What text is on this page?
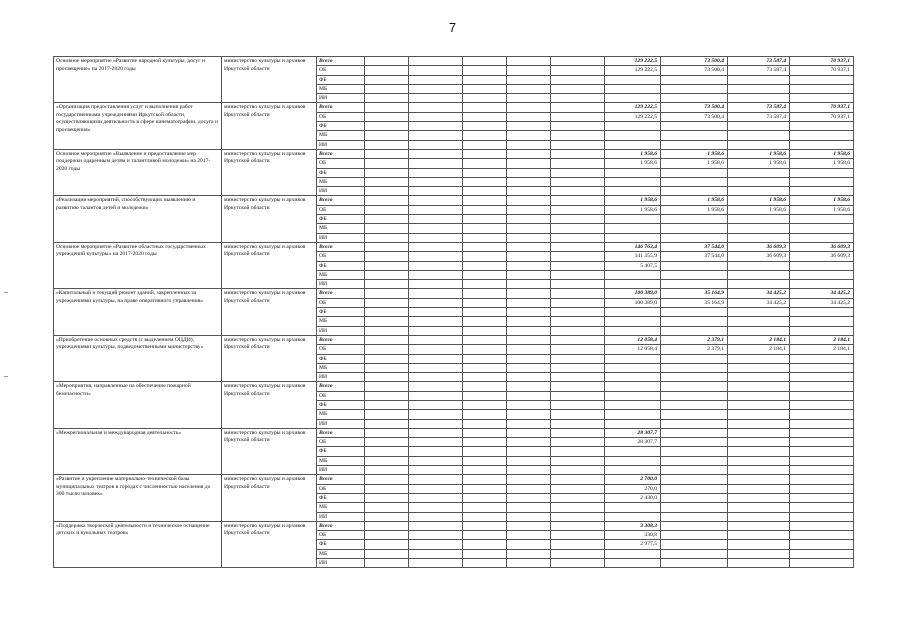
7
Основное мероприятие «Развитие народной культуры, досуг и просвещение» на 2017-2020 годы	министерство культуры и архивов Иркутской области	Всего						129 222,5	73 500,4	73 587,4	70 937,1
		ОБ						129 222,5	73 500,4	73 587,4	70 937,1
		ФБ									
		МБ									
		ИИ									
«Организация предоставления услуг и выполнения работ государственными учреждениями Иркутской области, осуществляющими деятельность в сфере кинематографии, досуга и просвещения»	министерство культуры и архивов Иркутской области	Всего						129 222,5	73 500,4	73 587,4	70 937,1
		ОБ						129 222,5	73 500,4	73 587,4	70 937,1
		ФБ									
		МБ									
		ИИ									
Основное мероприятие «Выявление и предоставление мер поддержки одаренным детям и талантливой молодежи» на 2017-2020 годы	министерство культуры и архивов Иркутской области	Всего						1 958,6	1 958,6	1 958,6	1 958,6
		ОБ						1 958,6	1 958,6	1 958,6	1 958,6
		ФБ									
		МБ									
		ИИ									
«Реализация мероприятий, способствующих выявлению и развитию талантов детей и молодежи»	министерство культуры и архивов Иркутской области	Всего						1 958,6	1 958,6	1 958,6	1 958,6
		ОБ						1 958,6	1 958,6	1 958,6	1 958,6
		ФБ									
		МБ									
		ИИ									
Основное мероприятие «Развитие областных государственных учреждений культуры» на 2017-2020 годы	министерство культуры и архивов Иркутской области	Всего						146 763,4	37 544,0	36 609,3	36 609,3
		ОБ						141 355,9	37 544,0	36 609,3	36 609,3
		ФБ						5 407,5			
		МБ									
		ИИ									
«Капитальный и текущий ремонт зданий, закрепленных за учреждениями культуры, на праве оперативного управления»	министерство культуры и архивов Иркутской области	Всего						100 389,0	35 164,9	34 425,2	34 425,2
		ОБ						100 389,0	35 164,9	34 425,2	34 425,2
		ФБ									
		МБ									
		ИИ									
«Приобретение основных средств (с выделением ОЦДИ), учреждениями культуры, подведомственными министерству»	министерство культуры и архивов Иркутской области	Всего						12 058,4	2 379,1	2 184,1	2 184,1
		ОБ						12 058,4	2 379,1	2 184,1	2 184,1
		ФБ									
		МБ									
		ИИ									
«Мероприятия, направленные на обеспечение пожарной безопасности»	министерство культуры и архивов Иркутской области	Всего									
		ОБ									
		ФБ									
		МБ									
		ИИ									
«Межрегиональная и международная деятельность»	министерство культуры и архивов Иркутской области	Всего						28 307,7			
		ОБ						28 307,7			
		ФБ									
		МБ									
		ИИ									
«Развитие и укрепление материально-технической базы муниципальных театров в городах с численностью населения до 300 тысяч человек»	министерство культуры и архивов Иркутской области	Всего						2 700,0			
		ОБ						270,0			
		ФБ						2 430,0			
		МБ									
		ИИ									
«Поддержка творческой деятельности и техническое оснащение детских и кукольных театров»	министерство культуры и архивов Иркутской области	Всего						3 308,3			
		ОБ						330,8			
		ФБ						2 977,5			
		МБ									
		ИИ									
